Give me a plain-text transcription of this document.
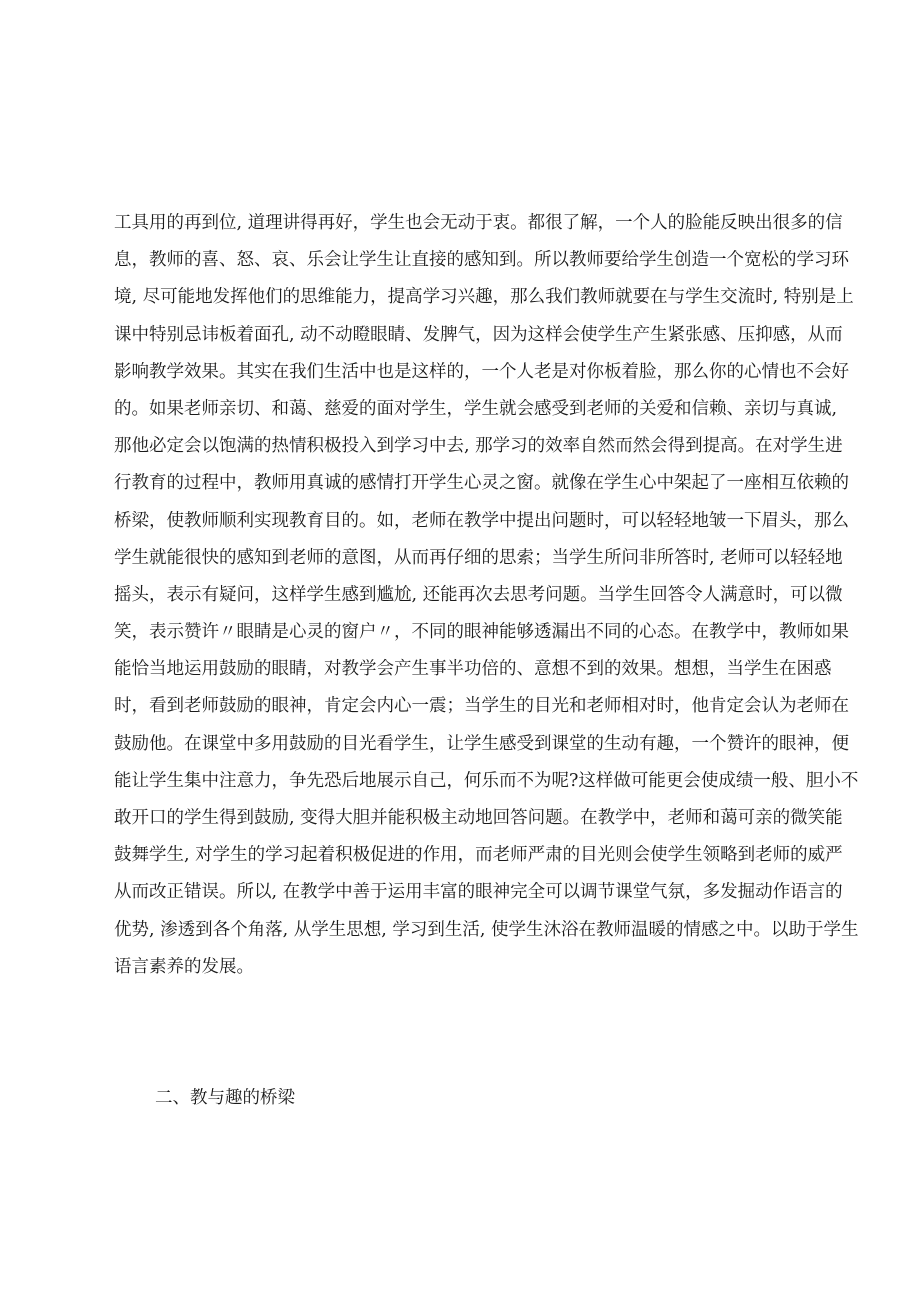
工具用的再到位, 道理讲得再好，学生也会无动于衷。都很了解，一个人的脸能反映出很多的信
息，教师的喜、怒、哀、乐会让学生让直接的感知到。所以教师要给学生创造一个宽松的学习环
境, 尽可能地发挥他们的思维能力，提高学习兴趣，那么我们教师就要在与学生交流时, 特别是上
课中特别忌讳板着面孔, 动不动瞪眼睛、发脾气，因为这样会使学生产生紧张感、压抑感，从而
影响教学效果。其实在我们生活中也是这样的，一个人老是对你板着脸，那么你的心情也不会好
的。如果老师亲切、和蔼、慈爱的面对学生，学生就会感受到老师的关爱和信赖、亲切与真诚,
那他必定会以饱满的热情积极投入到学习中去, 那学习的效率自然而然会得到提高。在对学生进
行教育的过程中，教师用真诚的感情打开学生心灵之窗。就像在学生心中架起了一座相互依赖的
桥梁，使教师顺利实现教育目的。如，老师在教学中提出问题时，可以轻轻地皱一下眉头，那么
学生就能很快的感知到老师的意图，从而再仔细的思索；当学生所问非所答时, 老师可以轻轻地
摇头，表示有疑问，这样学生感到尴尬, 还能再次去思考问题。当学生回答令人满意时，可以微
笑，表示赞许〃眼睛是心灵的窗户〃，不同的眼神能够透漏出不同的心态。在教学中，教师如果
能恰当地运用鼓励的眼睛，对教学会产生事半功倍的、意想不到的效果。想想，当学生在困惑
时，看到老师鼓励的眼神，肯定会内心一震；当学生的目光和老师相对时，他肯定会认为老师在
鼓励他。在课堂中多用鼓励的目光看学生，让学生感受到课堂的生动有趣，一个赞许的眼神，便
能让学生集中注意力，争先恐后地展示自己，何乐而不为呢?这样做可能更会使成绩一般、胆小不
敢开口的学生得到鼓励, 变得大胆并能积极主动地回答问题。在教学中，老师和蔼可亲的微笑能
鼓舞学生, 对学生的学习起着积极促进的作用，而老师严肃的目光则会使学生领略到老师的威严
从而改正错误。所以, 在教学中善于运用丰富的眼神完全可以调节课堂气氛，多发掘动作语言的
优势, 渗透到各个角落, 从学生思想, 学习到生活, 使学生沐浴在教师温暖的情感之中。以助于学生
语言素养的发展。
二、教与趣的桥梁
